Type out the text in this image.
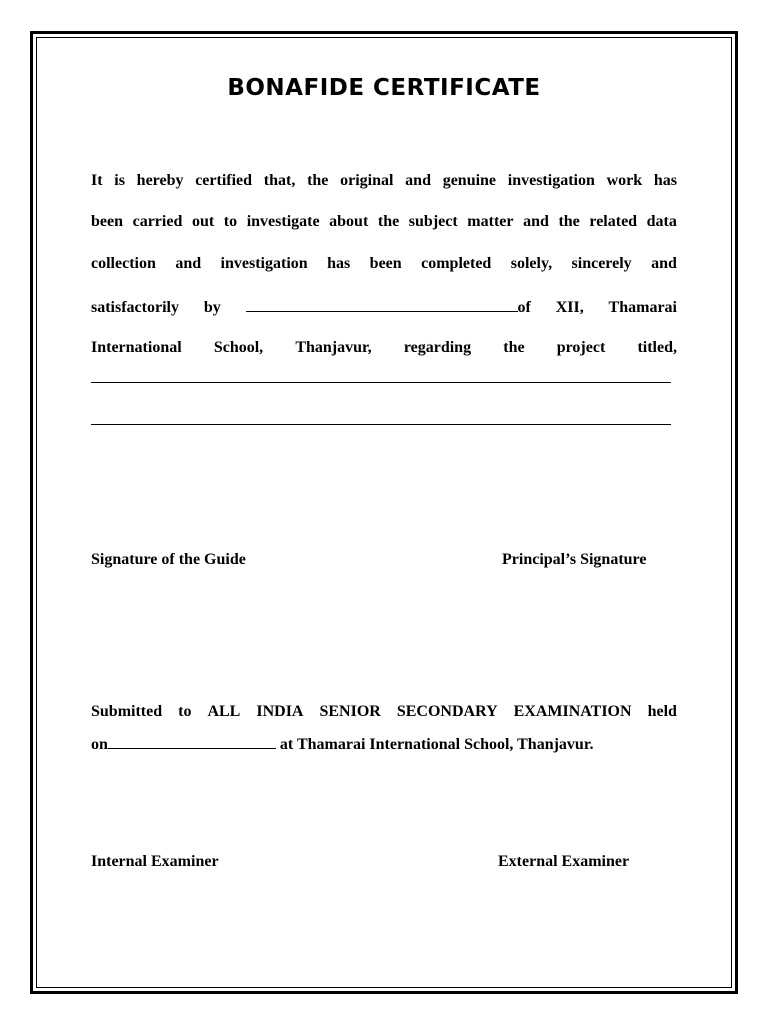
BONAFIDE CERTIFICATE
It is hereby certified that, the original and genuine investigation work has
been carried out to investigate about the subject matter and the related data
collection and investigation has been completed solely, sincerely and
satisfactorily by	of XII, Thamarai
International School, Thanjavur, regarding the project titled,
Signature of the Guide	Principal’s Signature
Submitted to ALL INDIA SENIOR SECONDARY EXAMINATION held
on	at Thamarai International School, Thanjavur.
Internal Examiner	External Examiner
